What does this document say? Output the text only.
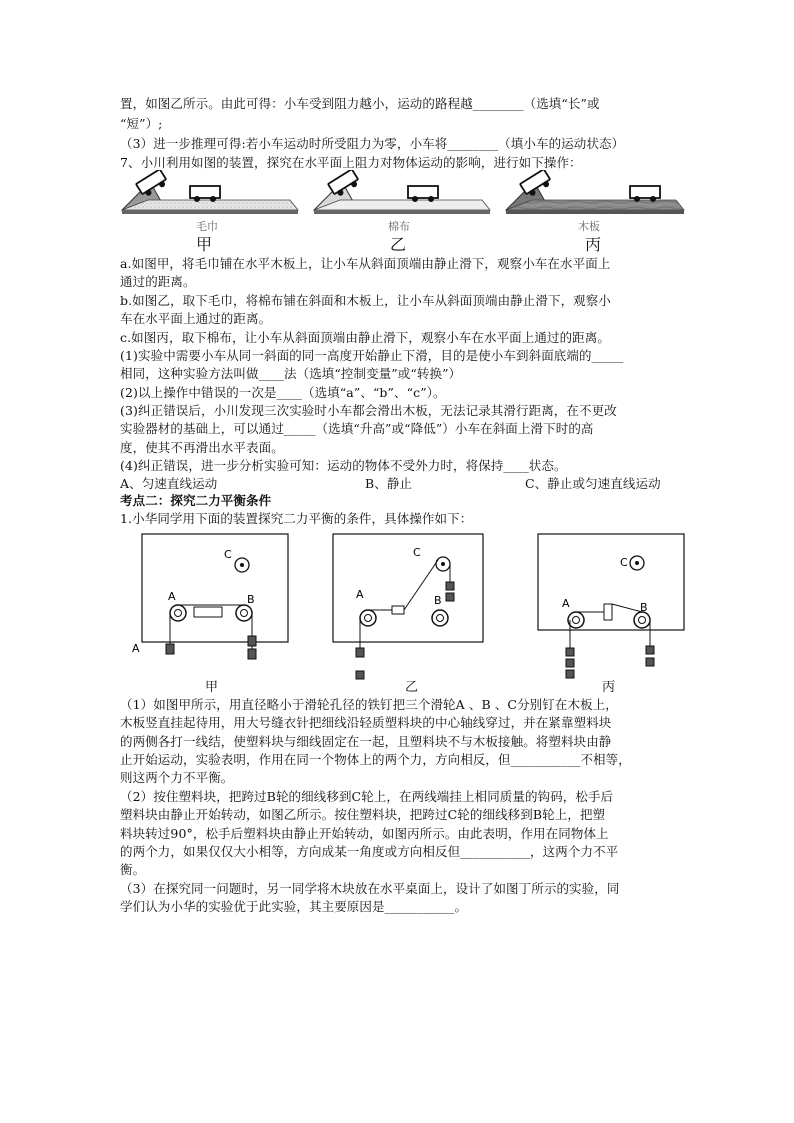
置，如图乙所示。由此可得：小车受到阻力越小，运动的路程越________（选填“长”或
“短”）;
（3）进一步推理可得:若小车运动时所受阻力为零，小车将________（填小车的运动状态）
7、小川利用如图的装置，探究在水平面上阻力对物体运动的影响，进行如下操作：
毛巾	棉布	木板
甲	乙	丙
a.如图甲，将毛巾铺在水平木板上，让小车从斜面顶端由静止滑下，观察小车在水平面上
通过的距离。
b.如图乙，取下毛巾，将棉布铺在斜面和木板上，让小车从斜面顶端由静止滑下，观察小
车在水平面上通过的距离。
c.如图丙，取下棉布，让小车从斜面顶端由静止滑下，观察小车在水平面上通过的距离。
(1)实验中需要小车从同一斜面的同一高度开始静止下滑，目的是使小车到斜面底端的_____
相同，这种实验方法叫做____法（选填“控制变量”或“转换”）
(2)以上操作中错误的一次是____（选填“a”、“b”、“c”）。
(3)纠正错误后，小川发现三次实验时小车都会滑出木板，无法记录其滑行距离，在不更改
实验器材的基础上，可以通过_____（选填“升高”或“降低”）小车在斜面上滑下时的高
度，使其不再滑出水平表面。
(4)纠正错误，进一步分析实验可知：运动的物体不受外力时，将保持____状态。
A、匀速直线运动	B、静止	C、静止或匀速直线运动
考点二：探究二力平衡条件
1.小华同学用下面的装置探究二力平衡的条件，具体操作如下：
C
A	B
A
C
A	B
C
A	B
甲	乙	丙
（1）如图甲所示，用直径略小于滑轮孔径的铁钉把三个滑轮A 、B 、C分别钉在木板上，
木板竖直挂起待用，用大号缝衣针把细线沿轻质塑料块的中心轴线穿过，并在紧靠塑料块
的两侧各打一线结，使塑料块与细线固定在一起，且塑料块不与木板接触。将塑料块由静
止开始运动，实验表明，作用在同一个物体上的两个力，方向相反，但___________不相等，
则这两个力不平衡。
（2）按住塑料块，把跨过B轮的细线移到C轮上，在两线端挂上相同质量的钩码，松手后
塑料块由静止开始转动，如图乙所示。按住塑料块，把跨过C轮的细线移到B轮上，把塑
料块转过90°，松手后塑料块由静止开始转动，如图丙所示。由此表明，作用在同物体上
的两个力，如果仅仅大小相等，方向成某一角度或方向相反但___________，这两个力不平
衡。
（3）在探究同一问题时，另一同学将木块放在水平桌面上，设计了如图丁所示的实验，同
学们认为小华的实验优于此实验，其主要原因是___________。
